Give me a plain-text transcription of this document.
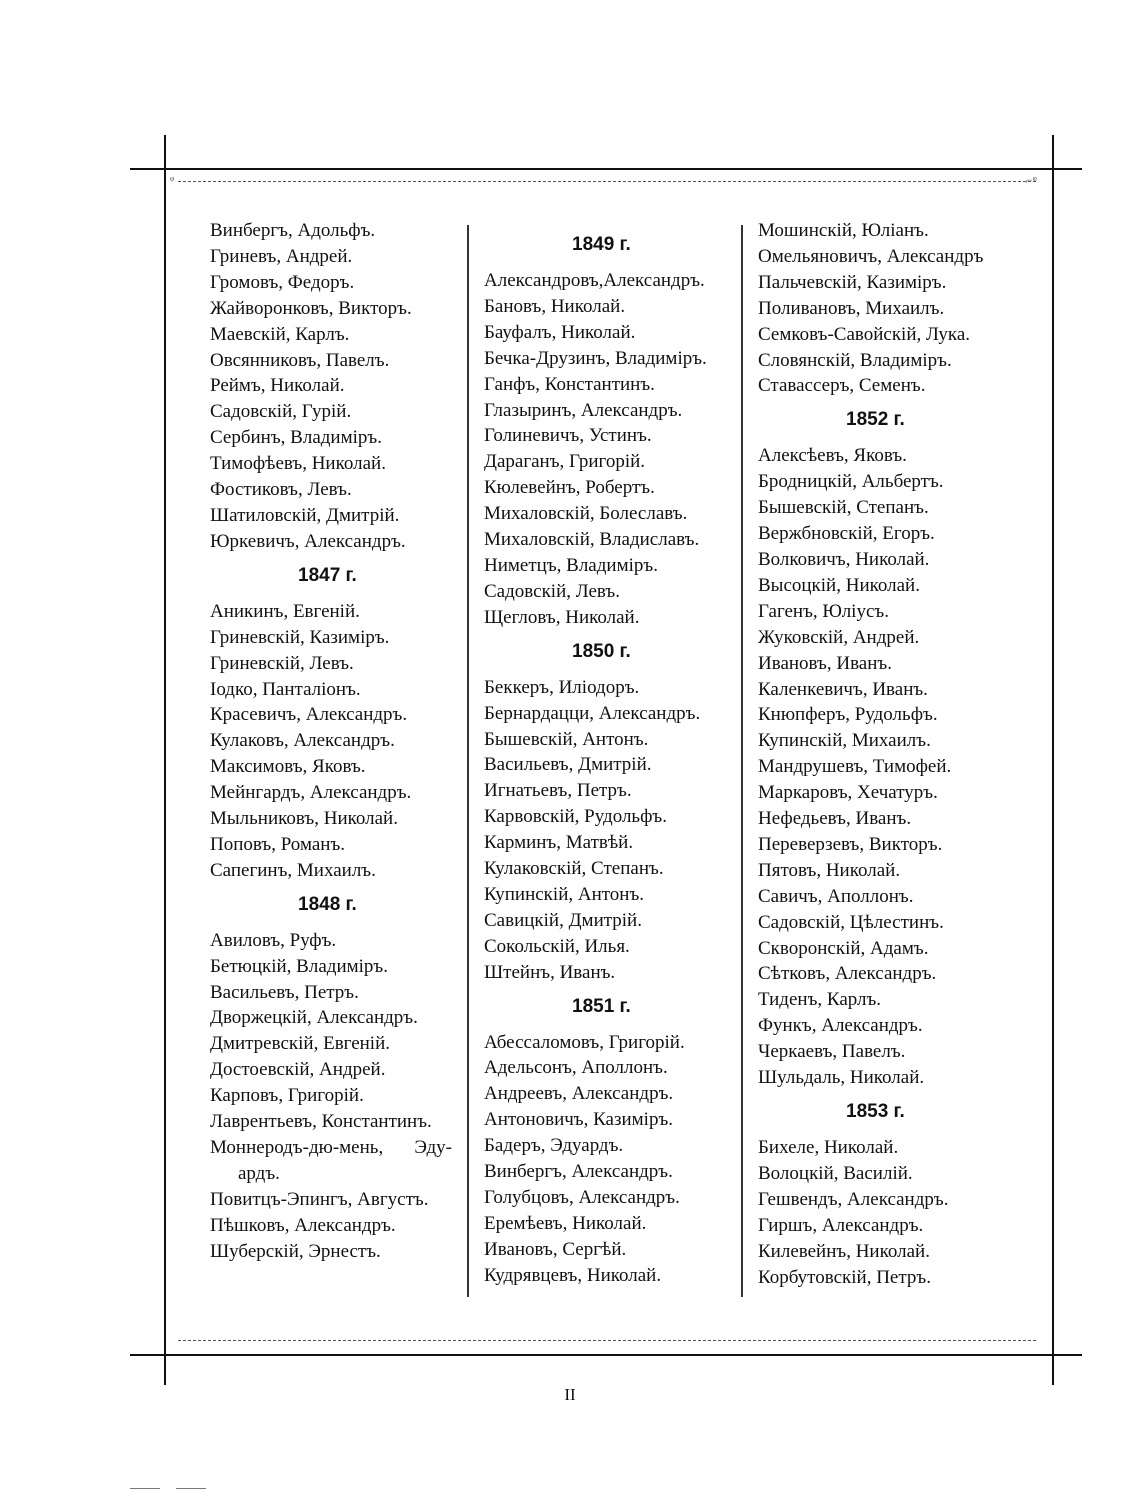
ᵠ	⌐ᵠ
Винбергъ, Адольфъ.
Гриневъ, Андрей.
Громовъ, Федоръ.
Жайворонковъ, Викторъ.
Маевскій, Карлъ.
Овсянниковъ, Павелъ.
Реймъ, Николай.
Садовскій, Гурій.
Сербинъ, Владиміръ.
Тимофѣевъ, Николай.
Фостиковъ, Левъ.
Шатиловскій, Дмитрій.
Юркевичъ, Александръ.
1847 г.
Аникинъ, Евгеній.
Гриневскій, Казиміръ.
Гриневскій, Левъ.
Іодко, Панталіонъ.
Красевичъ, Александръ.
Кулаковъ, Александръ.
Максимовъ, Яковъ.
Мейнгардъ, Александръ.
Мыльниковъ, Николай.
Поповъ, Романъ.
Сапегинъ, Михаилъ.
1848 г.
Авиловъ, Руфъ.
Бетюцкій, Владиміръ.
Васильевъ, Петръ.
Дворжецкій, Александръ.
Дмитревскій, Евгеній.
Достоевскій, Андрей.
Карповъ, Григорій.
Лаврентьевъ, Константинъ.
Моннеродъ-дю-мень, Эду-
ардъ.
Повитцъ-Эпингъ, Августъ.
Пѣшковъ, Александръ.
Шуберскій, Эрнестъ.
1849 г.
Александровъ,Александръ.
Бановъ, Николай.
Бауфалъ, Николай.
Бечка-Друзинъ, Владиміръ.
Ганфъ, Константинъ.
Глазыринъ, Александръ.
Голиневичъ, Устинъ.
Дараганъ, Григорій.
Кюлевейнъ, Робертъ.
Михаловскій, Болеславъ.
Михаловскій, Владиславъ.
Ниметцъ, Владиміръ.
Садовскій, Левъ.
Щегловъ, Николай.
1850 г.
Беккеръ, Иліодоръ.
Бернардацци, Александръ.
Бышевскій, Антонъ.
Васильевъ, Дмитрій.
Игнатьевъ, Петръ.
Карвовскій, Рудольфъ.
Карминъ, Матвѣй.
Кулаковскій, Степанъ.
Купинскій, Антонъ.
Савицкій, Дмитрій.
Сокольскій, Илья.
Штейнъ, Иванъ.
1851 г.
Абессаломовъ, Григорій.
Адельсонъ, Аполлонъ.
Андреевъ, Александръ.
Антоновичъ, Казиміръ.
Бадеръ, Эдуардъ.
Винбергъ, Александръ.
Голубцовъ, Александръ.
Еремѣевъ, Николай.
Ивановъ, Сергѣй.
Кудрявцевъ, Николай.
Мошинскій, Юліанъ.
Омельяновичъ, Александръ
Пальчевскій, Казиміръ.
Поливановъ, Михаилъ.
Семковъ-Савойскій, Лука.
Словянскій, Владиміръ.
Ставассеръ, Семенъ.
1852 г.
Алексѣевъ, Яковъ.
Бродницкій, Альбертъ.
Бышевскій, Степанъ.
Вержбновскій, Егоръ.
Волковичъ, Николай.
Высоцкій, Николай.
Гагенъ, Юліусъ.
Жуковскій, Андрей.
Ивановъ, Иванъ.
Каленкевичъ, Иванъ.
Кнюпферъ, Рудольфъ.
Купинскій, Михаилъ.
Мандрушевъ, Тимофей.
Маркаровъ, Хечатуръ.
Нефедьевъ, Иванъ.
Переверзевъ, Викторъ.
Пятовъ, Николай.
Савичъ, Аполлонъ.
Садовскій, Цѣлестинъ.
Скворонскій, Адамъ.
Сѣтковъ, Александръ.
Тиденъ, Карлъ.
Функъ, Александръ.
Черкаевъ, Павелъ.
Шульдаль, Николай.
1853 г.
Бихеле, Николай.
Волоцкій, Василій.
Гешвендъ, Александръ.
Гиршъ, Александръ.
Килевейнъ, Николай.
Корбутовскій, Петръ.
II
